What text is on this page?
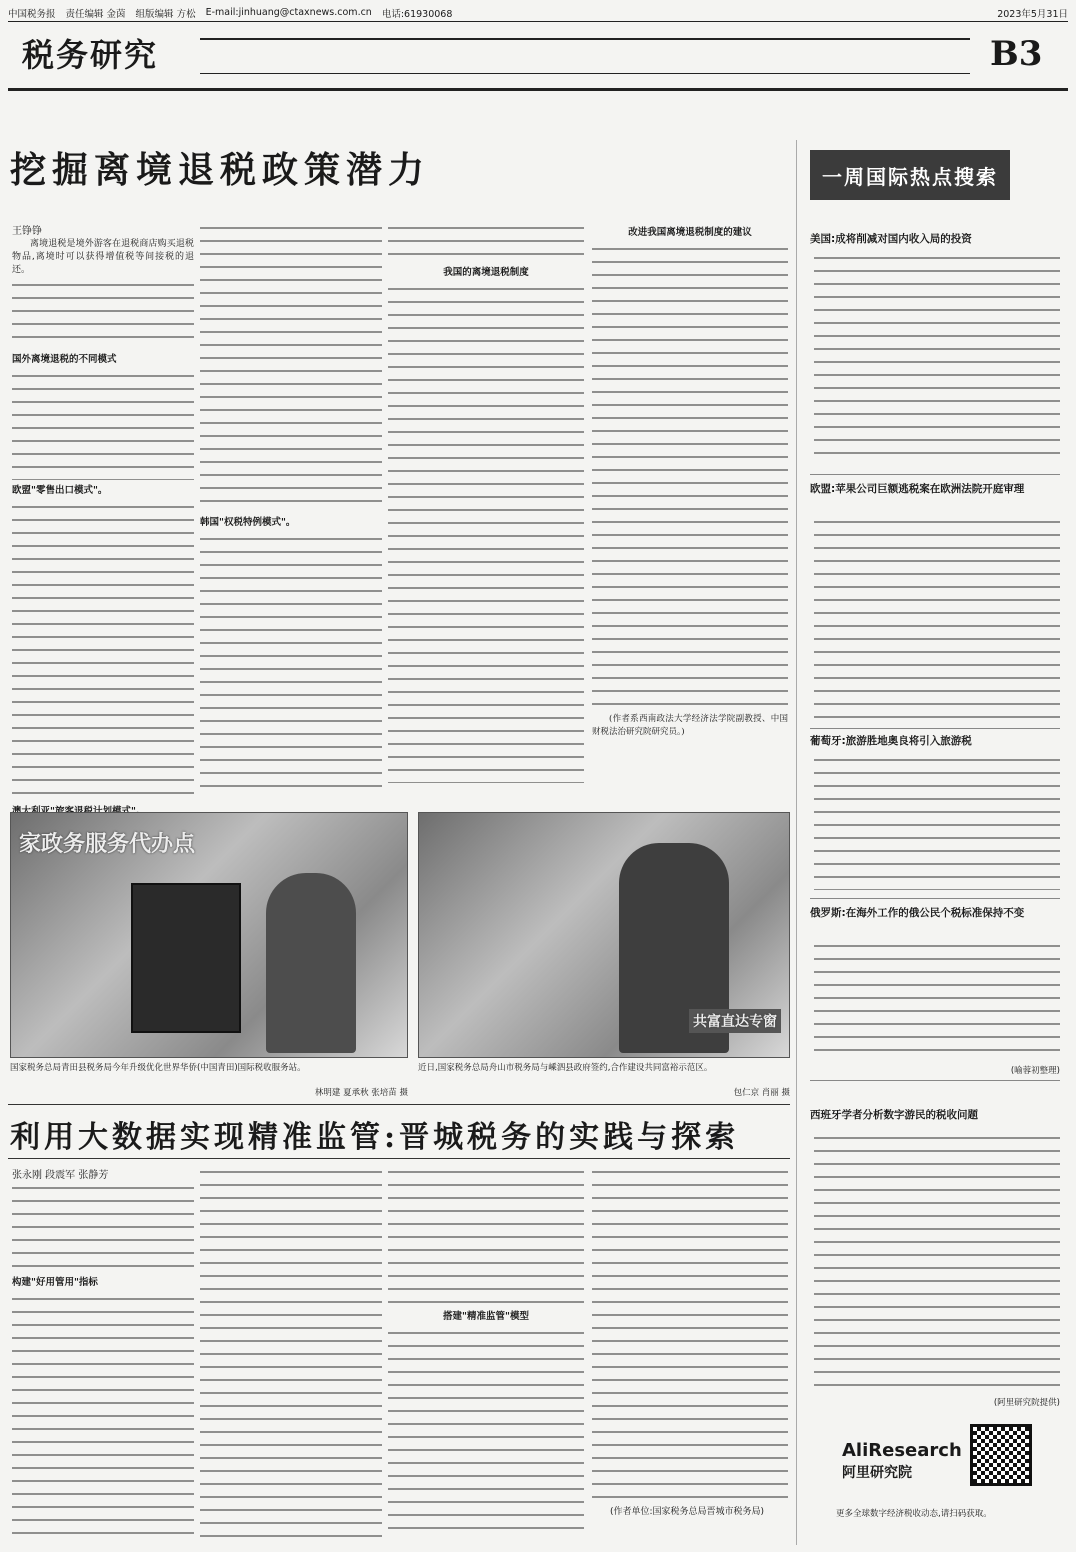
中国税务报 责任编辑 金茵 组版编辑 方松 E-mail:jinhuang@ctaxnews.com.cn 电话:61930068	2023年5月31日
税务研究	B3
挖掘离境退税政策潜力
王铮铮

离境退税是境外游客在退税商店购买退税物品,离境时可以获得增值税等间接税的退还。

国外离境退税的不同模式

欧盟"零售出口模式"。

韩国"权税特例模式"。

我国的离境退税制度

改进我国离境退税制度的建议

(作者系西南政法大学经济法学院副教授、中国财税法治研究院研究员。)

家政务服务代办点
国家税务总局青田县税务局今年升级优化世界华侨(中国青田)国际税收服务站。
林明建 夏承秋 张培苗 摄
共富直达专窗
近日,国家税务总局舟山市税务局与嵊泗县政府签约,合作建设共同富裕示范区。
包仁京 肖丽 摄
利用大数据实现精准监管:晋城税务的实践与探索
张永刚 段震军 张静芳

构建"好用管用"指标

搭建"精准监管"模型

(作者单位:国家税务总局晋城市税务局)

一周国际热点搜索
美国:成将削减对国内收入局的投资
欧盟:苹果公司巨额逃税案在欧洲法院开庭审理
葡萄牙:旅游胜地奥良将引入旅游税
俄罗斯:在海外工作的俄公民个税标准保持不变
(喻蓉初整理)
西班牙学者分析数字游民的税收问题
(阿里研究院提供)
AliResearch
阿里研究院
更多全球数字经济税收动态,请扫码获取。
